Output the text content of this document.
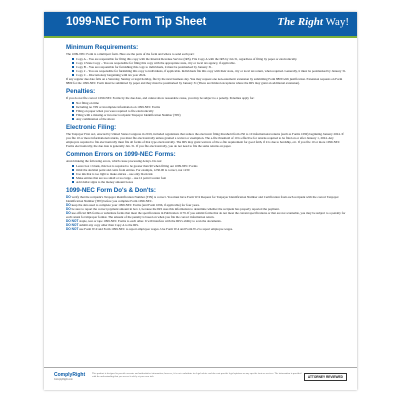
1099-NEC Form Tip Sheet	The Right Way!
Minimum Requirements:

The 1099-NEC Form is a multipart form. Here are the parts of the form and where to send each part:

Copy A – You are responsible for filing this copy with the Internal Revenue Service (IRS). File Copy A with the IRS by Jan 31, regardless of filing by paper or electronically.
Copy 1/State Copy – You are responsible for filing this copy with the appropriate state, city or local tax agency, if applicable.
Copy B – You are responsible for furnishing this copy to individuals, it must be postmarked by January 31.
Copy 2 – You are responsible for furnishing this copy to individuals, if applicable. Individuals file this copy with their state, city or local tax return, when required. Generally, it must be postmarked by January 31.
Copy C – Discretionary bargaining with tax year 2024.

If any regular due date falls on a Saturday, Sunday or legal holiday, file by the next business day. You may request one non-automatic extension by submitting Form 8809 with justification. Extension requests on Form 8809 for the 1099-NEC Form must be submitted by paper and they must be postmarked by January 31 (There are limited exceptions where the IRS may grant an additional extension).

Penalties:

If you do not file correct 1099-NEC Forms by the due date, and cannot show reasonable cause, you may be subject to a penalty. Penalties apply for:

Not filing on time
Including no TIN or incomplete information on 1099-NEC Forms
Filing on paper when you were required to file electronically
Filing with a missing or incorrect recipient Taxpayer Identification Number (TIN)
Any combination of the above
Electronic Filing:

The Taxpayer First Act, enacted by United States Congress in 2019, included regulations that reduce the electronic filing threshold from 250 to 10 informational returns (such as Forms 1099) beginning January 2024. If you file 10 or more informational returns, you must file electronically unless granted a waiver or exemption. The e-file threshold of 10 is effective for returns required to be filed on or after January 1, 2024. Any employers required to file electronically must file all forms of that type electronically. The IRS may grant waivers of the e-file requirement for good faith, if it is due to hardship, etc. If you file 10 or more 1099-NEC Forms electronically, the due date is generally Jan. 31. If you file electronically, you do not need to file the same returns on paper.

Common Errors on 1099-NEC Forms:

Avoid making the following errors, which cause processing delays. Do not:

Leave box 1 blank, this box is required to be greater than $0 when filling out 1099-NEC Forms
Omit the decimal point and cents from entries. For example, 1230.00 is correct, not 1230
Use ink that is too light to make entries – use only black ink
Make entries that are too small or too large – use 12 point Courier font
Add dollar signs to the money amount boxes
1099-NEC Form Do's & Don'ts:

DO verify that the recipient's Taxpayer Identification Number (TIN) is correct. You must have Form W-9 Request for Taxpayer Identification Number and Certification from each recipient with the correct Taxpayer Identification Number (TIN) before you complete Form 1099-NEC.

DO keep the data used to complete your 1099-NEC Forms (and Form 1096, if applicable) for four years.

DO be sure to report the correct payment amount in box 1, because the IRS uses this information to determine whether the recipient has properly reported the payment.

DO use official IRS forms or substitute forms that meet the specifications in Publication 1179. If you submit forms that do not meet the current specifications or that are not scannable, you may be subject to a penalty for each return for improper format. The amount of the penalty is based on when you file the correct information return.

DO NOT staple, tear or tape 1099-NEC Forms to each other. It will interfere with the IRS's ability to scan the documents.

DO NOT submit any copy other than Copy A to the IRS.

DO NOT use Form W-9 and Form 1099-NEC to report employee wages. Use Form W-4 and Form W-2 to report employee wages.

ComplyRight
ComplyRight.com
This product is designed to provide accurate and authoritative information; however, it is not a substitute for legal advice and does not provide legal opinions on any specific facts or services. The information is provided with the understanding that you access it solely at your own risk.	ATTORNEY REVIEWED
